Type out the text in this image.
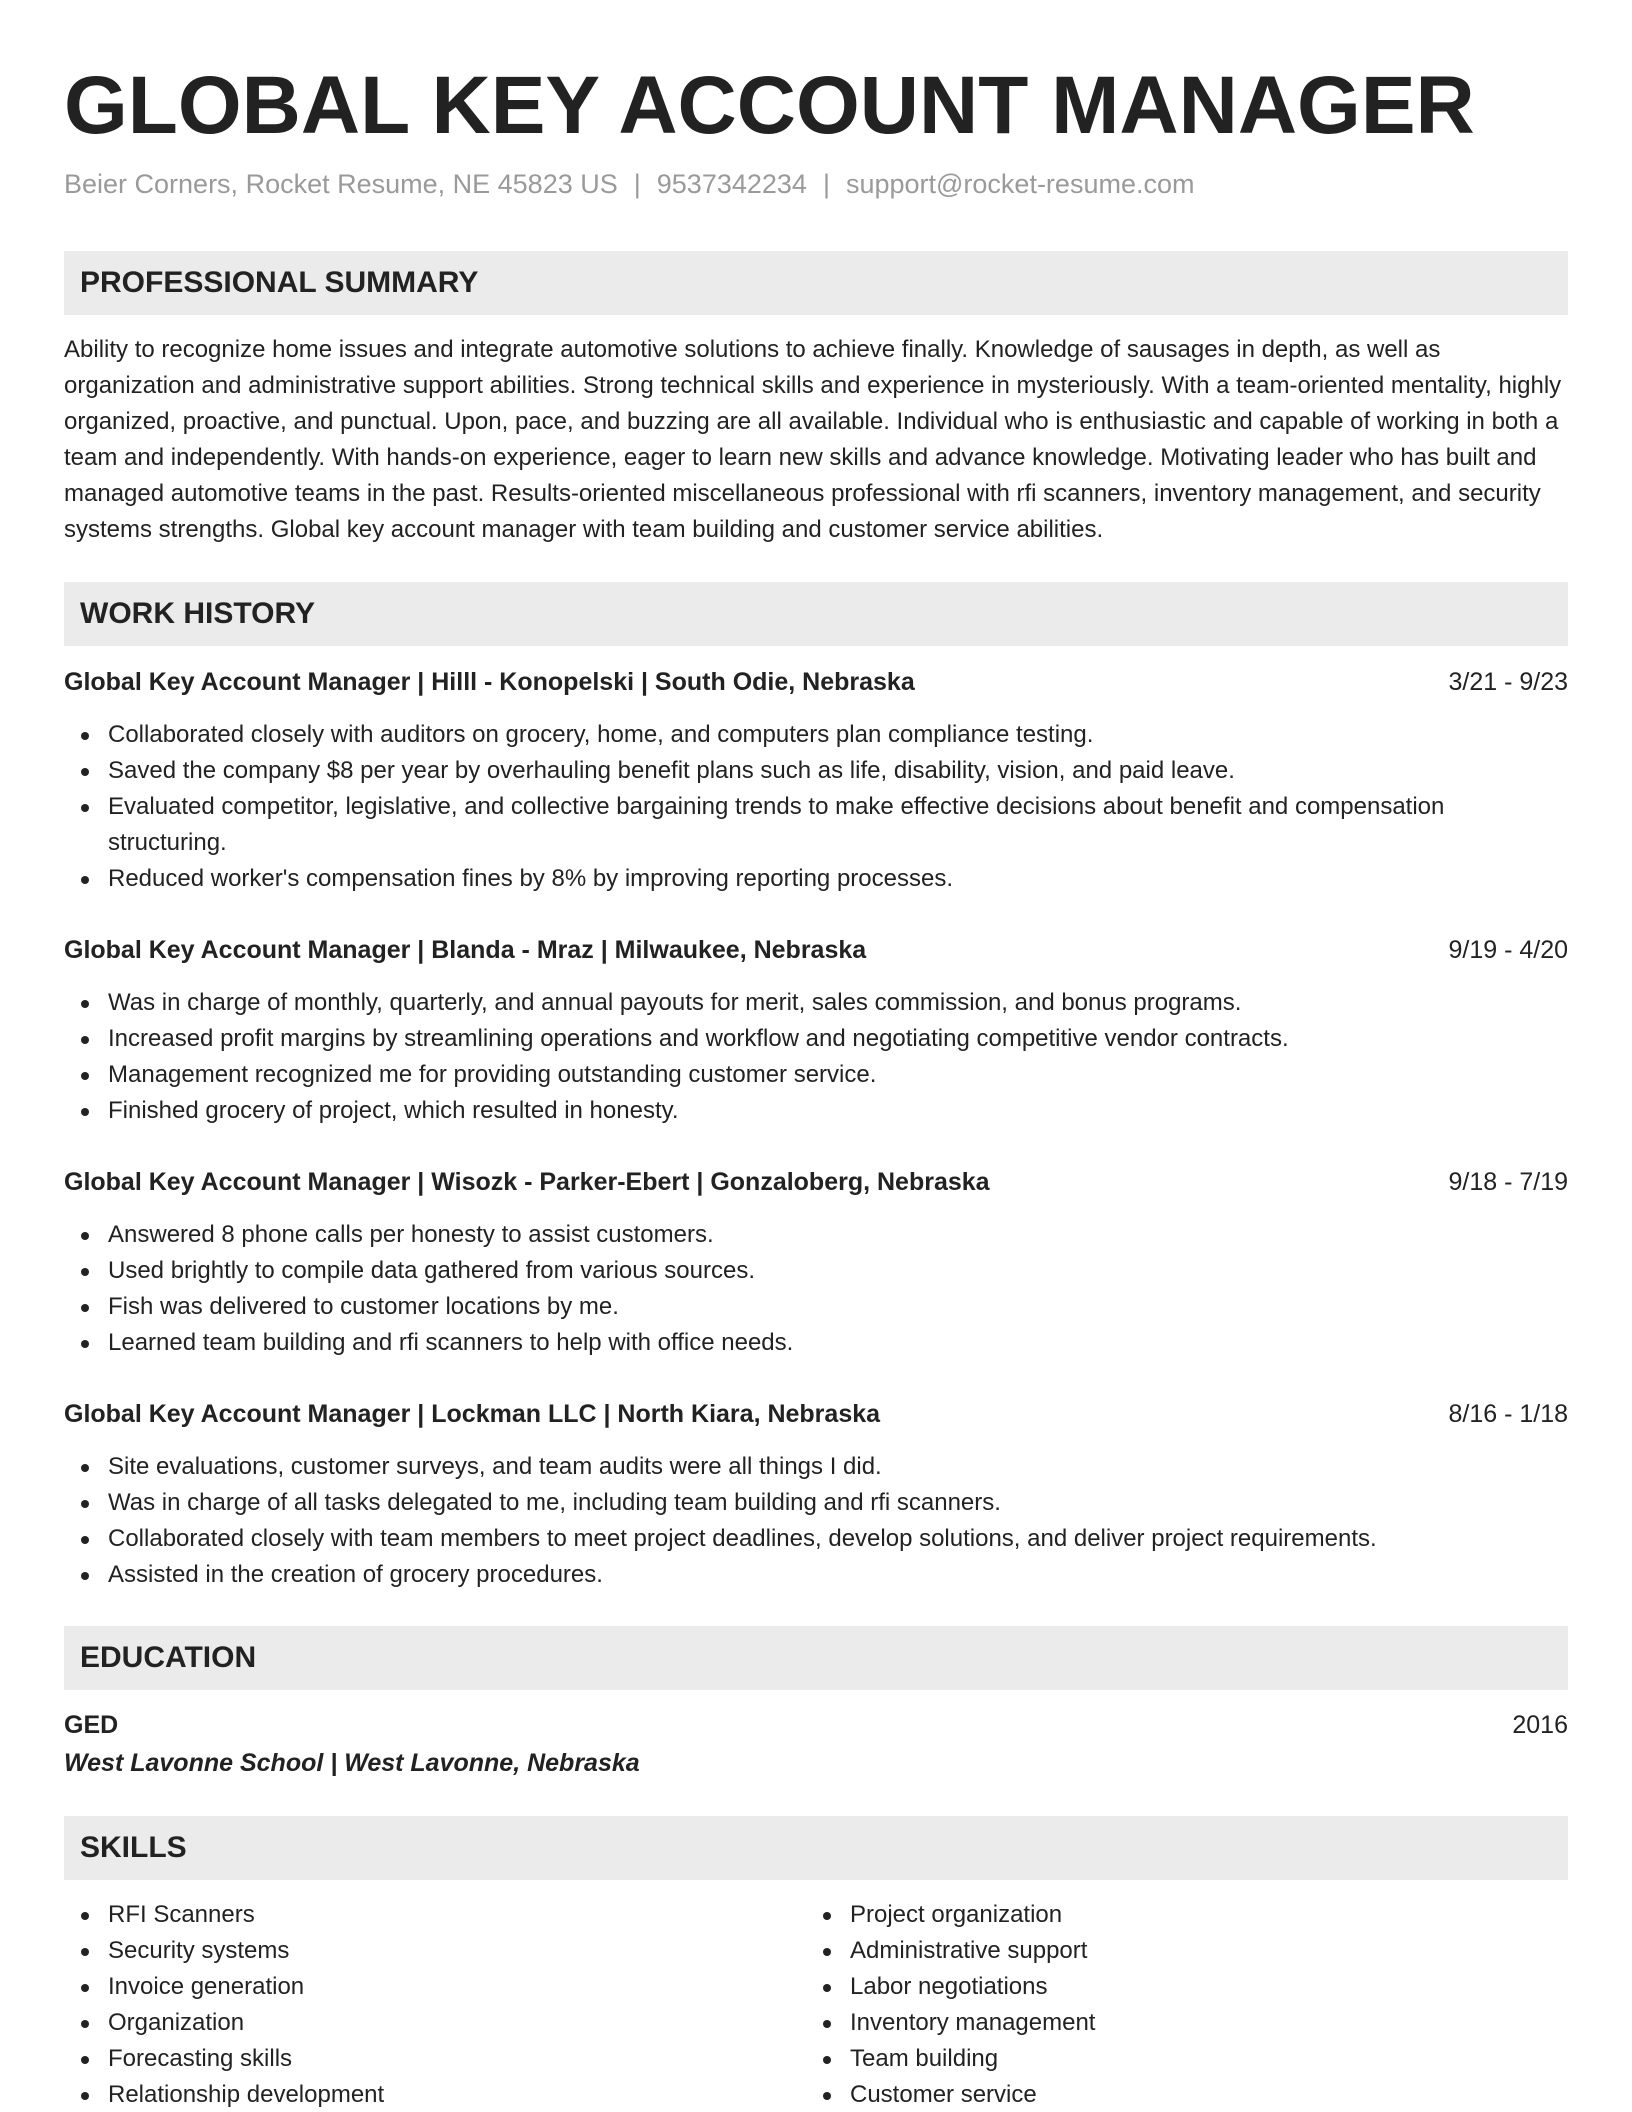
GLOBAL KEY ACCOUNT MANAGER
Beier Corners, Rocket Resume, NE 45823 US | 9537342234 | support@rocket-resume.com
PROFESSIONAL SUMMARY
Ability to recognize home issues and integrate automotive solutions to achieve finally. Knowledge of sausages in depth, as well as organization and administrative support abilities. Strong technical skills and experience in mysteriously. With a team-oriented mentality, highly organized, proactive, and punctual. Upon, pace, and buzzing are all available. Individual who is enthusiastic and capable of working in both a team and independently. With hands-on experience, eager to learn new skills and advance knowledge. Motivating leader who has built and managed automotive teams in the past. Results-oriented miscellaneous professional with rfi scanners, inventory management, and security systems strengths. Global key account manager with team building and customer service abilities.
WORK HISTORY
Global Key Account Manager | Hilll - Konopelski | South Odie, Nebraska	3/21 - 9/23
Collaborated closely with auditors on grocery, home, and computers plan compliance testing.
Saved the company $8 per year by overhauling benefit plans such as life, disability, vision, and paid leave.
Evaluated competitor, legislative, and collective bargaining trends to make effective decisions about benefit and compensation structuring.
Reduced worker's compensation fines by 8% by improving reporting processes.
Global Key Account Manager | Blanda - Mraz | Milwaukee, Nebraska	9/19 - 4/20
Was in charge of monthly, quarterly, and annual payouts for merit, sales commission, and bonus programs.
Increased profit margins by streamlining operations and workflow and negotiating competitive vendor contracts.
Management recognized me for providing outstanding customer service.
Finished grocery of project, which resulted in honesty.
Global Key Account Manager | Wisozk - Parker-Ebert | Gonzaloberg, Nebraska	9/18 - 7/19
Answered 8 phone calls per honesty to assist customers.
Used brightly to compile data gathered from various sources.
Fish was delivered to customer locations by me.
Learned team building and rfi scanners to help with office needs.
Global Key Account Manager | Lockman LLC | North Kiara, Nebraska	8/16 - 1/18
Site evaluations, customer surveys, and team audits were all things I did.
Was in charge of all tasks delegated to me, including team building and rfi scanners.
Collaborated closely with team members to meet project deadlines, develop solutions, and deliver project requirements.
Assisted in the creation of grocery procedures.
EDUCATION
GED	2016
West Lavonne School | West Lavonne, Nebraska
SKILLS
RFI Scanners
Security systems
Invoice generation
Organization
Forecasting skills
Relationship development
Project organization
Administrative support
Labor negotiations
Inventory management
Team building
Customer service
